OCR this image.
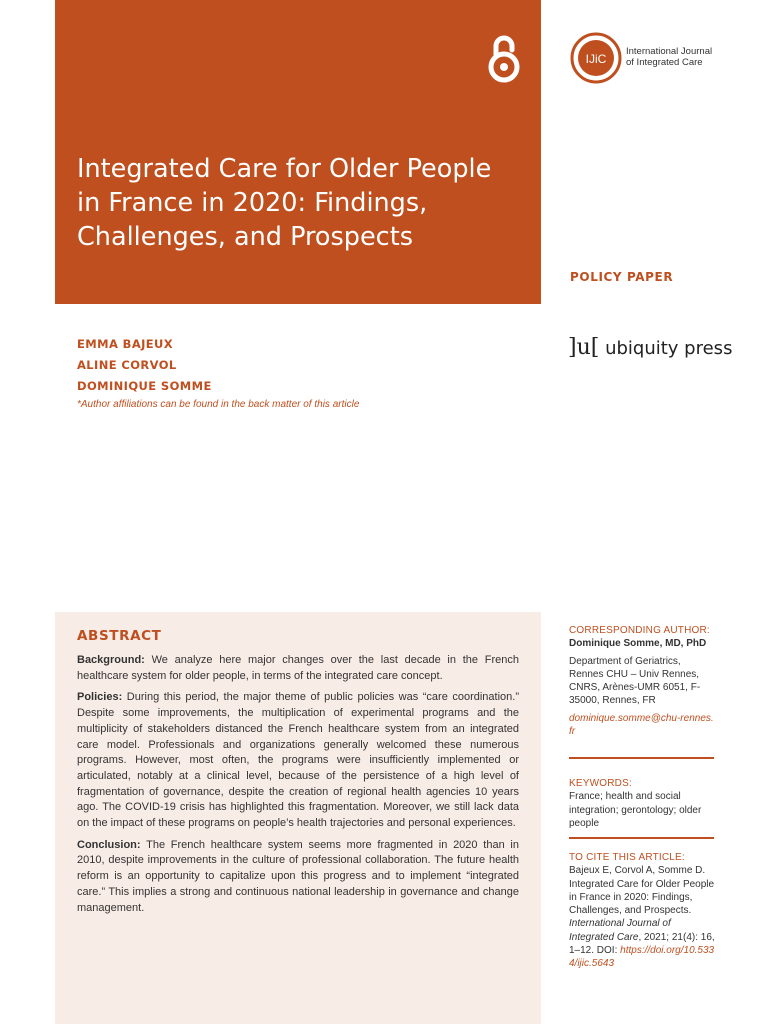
Integrated Care for Older People in France in 2020: Findings, Challenges, and Prospects
IJiC
International Journal
of Integrated Care
POLICY PAPER
]u[ ubiquity press
EMMA BAJEUX
ALINE CORVOL
DOMINIQUE SOMME
*Author affiliations can be found in the back matter of this article
ABSTRACT

Background: We analyze here major changes over the last decade in the French healthcare system for older people, in terms of the integrated care concept.

Policies: During this period, the major theme of public policies was “care coordination.” Despite some improvements, the multiplication of experimental programs and the multiplicity of stakeholders distanced the French healthcare system from an integrated care model. Professionals and organizations generally welcomed these numerous programs. However, most often, the programs were insufficiently implemented or articulated, notably at a clinical level, because of the persistence of a high level of fragmentation of governance, despite the creation of regional health agencies 10 years ago. The COVID-19 crisis has highlighted this fragmentation. Moreover, we still lack data on the impact of these programs on people’s health trajectories and personal experiences.

Conclusion: The French healthcare system seems more fragmented in 2020 than in 2010, despite improvements in the culture of professional collaboration. The future health reform is an opportunity to capitalize upon this progress and to implement “integrated care.” This implies a strong and continuous national leadership in governance and change management.

CORRESPONDING AUTHOR:
Dominique Somme, MD, PhD
Department of Geriatrics, Rennes CHU – Univ Rennes, CNRS, Arènes-UMR 6051, F-35000, Rennes, FR
dominique.somme@chu-rennes.fr
KEYWORDS:
France; health and social integration; gerontology; older people
TO CITE THIS ARTICLE:
Bajeux E, Corvol A, Somme D. Integrated Care for Older People in France in 2020: Findings, Challenges, and Prospects. International Journal of Integrated Care, 2021; 21(4): 16, 1–12. DOI: https://doi.org/10.5334/ijic.5643
